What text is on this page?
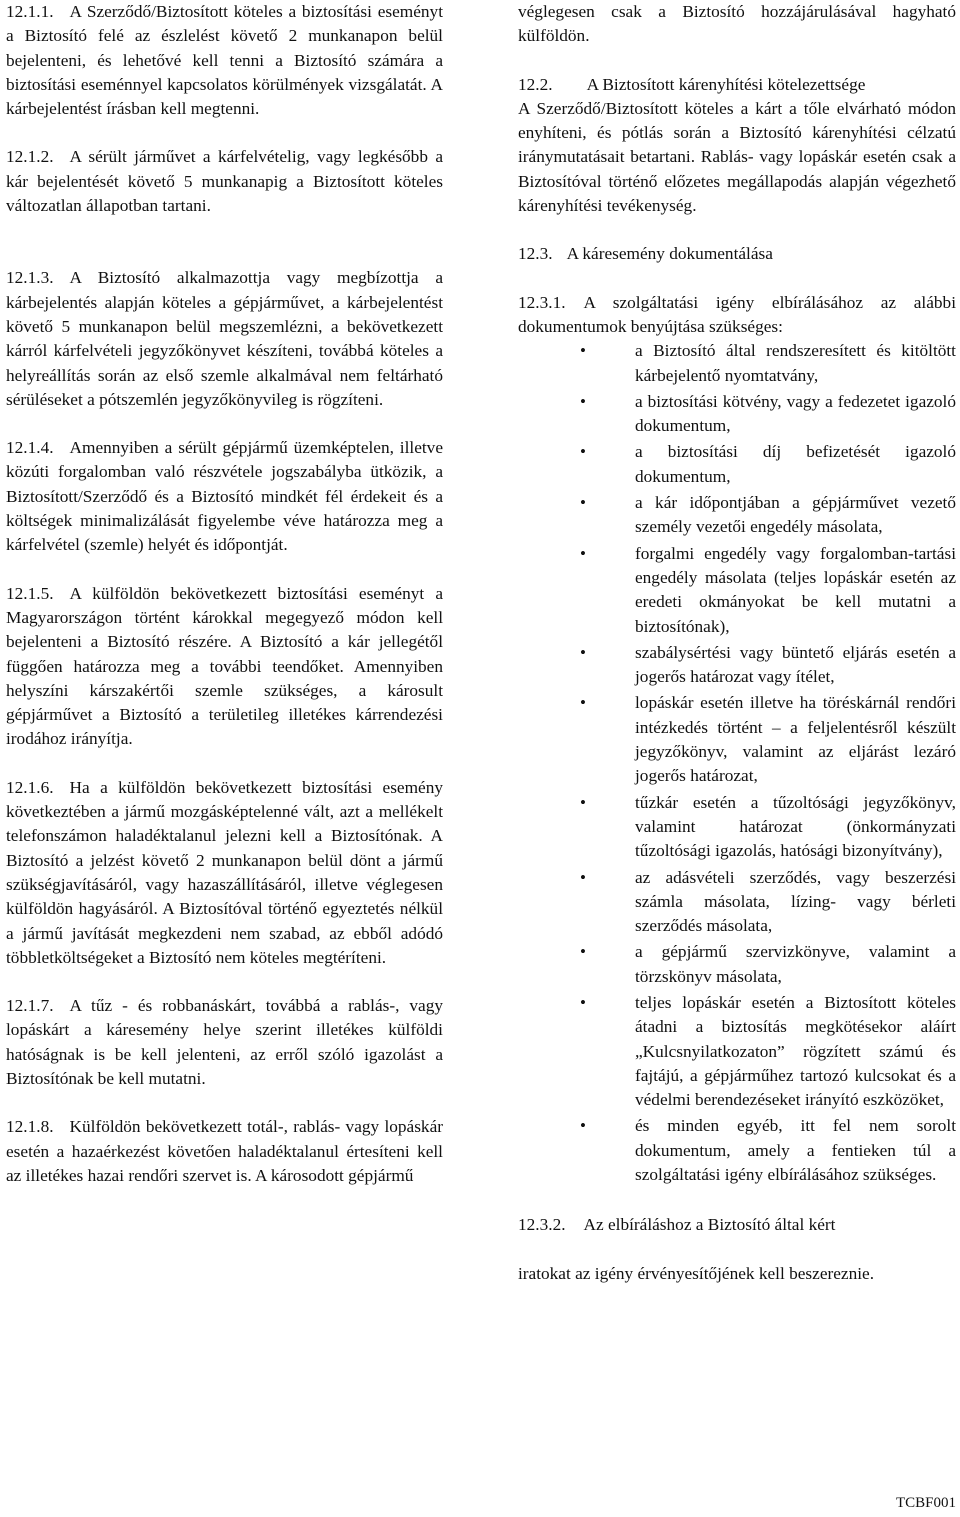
12.1.1. A Szerződő/Biztosított köteles a biztosítási eseményt a Biztosító felé az észlelést követő 2 munkanapon belül bejelenteni, és lehetővé kell tenni a Biztosító számára a biztosítási eseménnyel kapcsolatos körülmények vizsgálatát. A kárbejelentést írásban kell megtenni.

12.1.2. A sérült járművet a kárfelvételig, vagy legkésőbb a kár bejelentését követő 5 munkanapig a Biztosított köteles változatlan állapotban tartani.

12.1.3. A Biztosító alkalmazottja vagy megbízottja a kárbejelentés alapján köteles a gépjárművet, a kárbejelentést követő 5 munkanapon belül megszemlézni, a bekövetkezett kárról kárfelvételi jegyzőkönyvet készíteni, továbbá köteles a helyreállítás során az első szemle alkalmával nem feltárható sérüléseket a pótszemlén jegyzőkönyvileg is rögzíteni.

12.1.4. Amennyiben a sérült gépjármű üzemképtelen, illetve közúti forgalomban való részvétele jogszabályba ütközik, a Biztosított/Szerződő és a Biztosító mindkét fél érdekeit és a költségek minimalizálását figyelembe véve határozza meg a kárfelvétel (szemle) helyét és időpontját.

12.1.5. A külföldön bekövetkezett biztosítási eseményt a Magyarországon történt károkkal megegyező módon kell bejelenteni a Biztosító részére. A Biztosító a kár jellegétől függően határozza meg a további teendőket. Amennyiben helyszíni kárszakértői szemle szükséges, a károsult gépjárművet a Biztosító a területileg illetékes kárrendezési irodához irányítja.

12.1.6. Ha a külföldön bekövetkezett biztosítási esemény következtében a jármű mozgásképtelenné vált, azt a mellékelt telefonszámon haladéktalanul jelezni kell a Biztosítónak. A Biztosító a jelzést követő 2 munkanapon belül dönt a jármű szükségjavításáról, vagy hazaszállításáról, illetve véglegesen külföldön hagyásáról. A Biztosítóval történő egyeztetés nélkül a jármű javítását megkezdeni nem szabad, az ebből adódó többletköltségeket a Biztosító nem köteles megtéríteni.

12.1.7. A tűz - és robbanáskárt, továbbá a rablás-, vagy lopáskárt a káresemény helye szerint illetékes külföldi hatóságnak is be kell jelenteni, az erről szóló igazolást a Biztosítónak be kell mutatni.

12.1.8. Külföldön bekövetkezett totál-, rablás- vagy lopáskár esetén a hazaérkezést követően haladéktalanul értesíteni kell az illetékes hazai rendőri szervet is. A károsodott gépjármű

véglegesen csak a Biztosító hozzájárulásával hagyható külföldön.

12.2. A Biztosított kárenyhítési kötelezettsége

A Szerződő/Biztosított köteles a kárt a tőle elvárható módon enyhíteni, és pótlás során a Biztosító kárenyhítési célzatú iránymutatásait betartani. Rablás- vagy lopáskár esetén csak a Biztosítóval történő előzetes megállapodás alapján végezhető kárenyhítési tevékenység.

12.3. A káresemény dokumentálása

12.3.1. A szolgáltatási igény elbírálásához az alábbi dokumentumok benyújtása szükséges:

• a Biztosító által rendszeresített és kitöltött kárbejelentő nyomtatvány,

• a biztosítási kötvény, vagy a fedezetet igazoló dokumentum,

• a biztosítási díj befizetését igazoló dokumentum,

• a kár időpontjában a gépjárművet vezető személy vezetői engedély másolata,

• forgalmi engedély vagy forgalomban-tartási engedély másolata (teljes lopáskár esetén az eredeti okmányokat be kell mutatni a biztosítónak),

• szabálysértési vagy büntető eljárás esetén a jogerős határozat vagy ítélet,

• lopáskár esetén illetve ha töréskárnál rendőri intézkedés történt – a feljelentésről készült jegyzőkönyv, valamint az eljárást lezáró jogerős határozat,

• tűzkár esetén a tűzoltósági jegyzőkönyv, valamint határozat (önkormányzati tűzoltósági igazolás, hatósági bizonyítvány),

• az adásvételi szerződés, vagy beszerzési számla másolata, lízing- vagy bérleti szerződés másolata,

• a gépjármű szervizkönyve, valamint a törzskönyv másolata,

• teljes lopáskár esetén a Biztosított köteles átadni a biztosítás megkötésekor aláírt „Kulcsnyilatkozaton” rögzített számú és fajtájú, a gépjárműhez tartozó kulcsokat és a védelmi berendezéseket irányító eszközöket,

• és minden egyéb, itt fel nem sorolt dokumentum, amely a fentieken túl a szolgáltatási igény elbírálásához szükséges.

12.3.2. Az elbíráláshoz a Biztosító által kért

iratokat az igény érvényesítőjének kell beszereznie.

TCBF001
